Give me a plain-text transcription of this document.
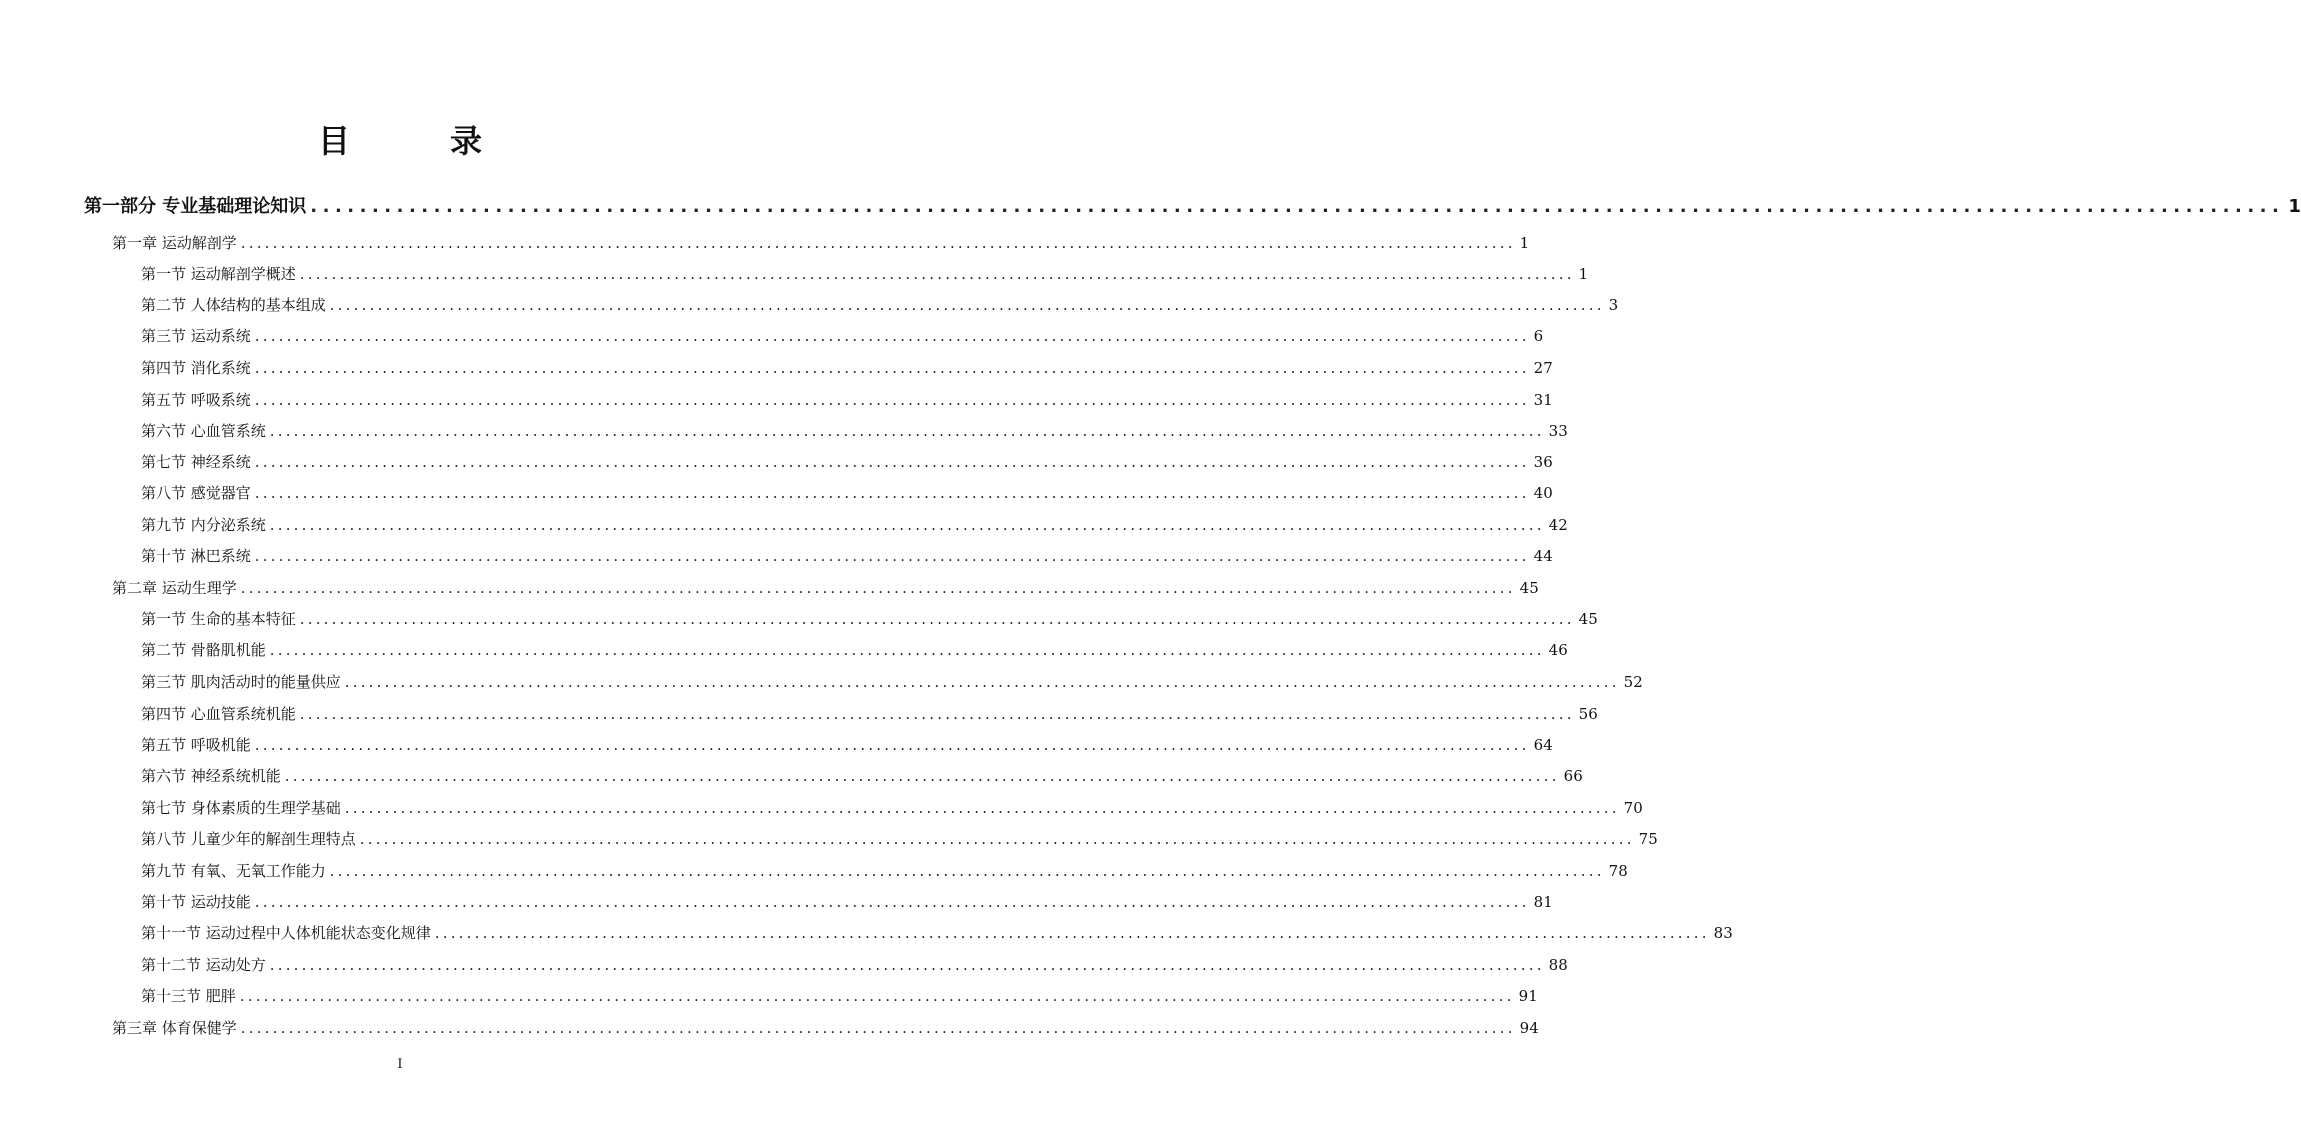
目　录
第一部分 专业基础理论知识 ................................................................................................................................................................ 1
第一章 运动解剖学 ................................................................................................................................................................ 1
第一节 运动解剖学概述 ................................................................................................................................................................ 1
第二节 人体结构的基本组成 ................................................................................................................................................................ 3
第三节 运动系统 ................................................................................................................................................................ 6
第四节 消化系统 ................................................................................................................................................................ 27
第五节 呼吸系统 ................................................................................................................................................................ 31
第六节 心血管系统 ................................................................................................................................................................ 33
第七节 神经系统 ................................................................................................................................................................ 36
第八节 感觉器官 ................................................................................................................................................................ 40
第九节 内分泌系统 ................................................................................................................................................................ 42
第十节 淋巴系统 ................................................................................................................................................................ 44
第二章 运动生理学 ................................................................................................................................................................ 45
第一节 生命的基本特征 ................................................................................................................................................................ 45
第二节 骨骼肌机能 ................................................................................................................................................................ 46
第三节 肌肉活动时的能量供应 ................................................................................................................................................................ 52
第四节 心血管系统机能 ................................................................................................................................................................ 56
第五节 呼吸机能 ................................................................................................................................................................ 64
第六节 神经系统机能 ................................................................................................................................................................ 66
第七节 身体素质的生理学基础 ................................................................................................................................................................ 70
第八节 儿童少年的解剖生理特点 ................................................................................................................................................................ 75
第九节 有氧、无氧工作能力 ................................................................................................................................................................ 78
第十节 运动技能 ................................................................................................................................................................ 81
第十一节 运动过程中人体机能状态变化规律 ................................................................................................................................................................ 83
第十二节 运动处方 ................................................................................................................................................................ 88
第十三节 肥胖 ................................................................................................................................................................ 91
第三章 体育保健学 ................................................................................................................................................................ 94
I
